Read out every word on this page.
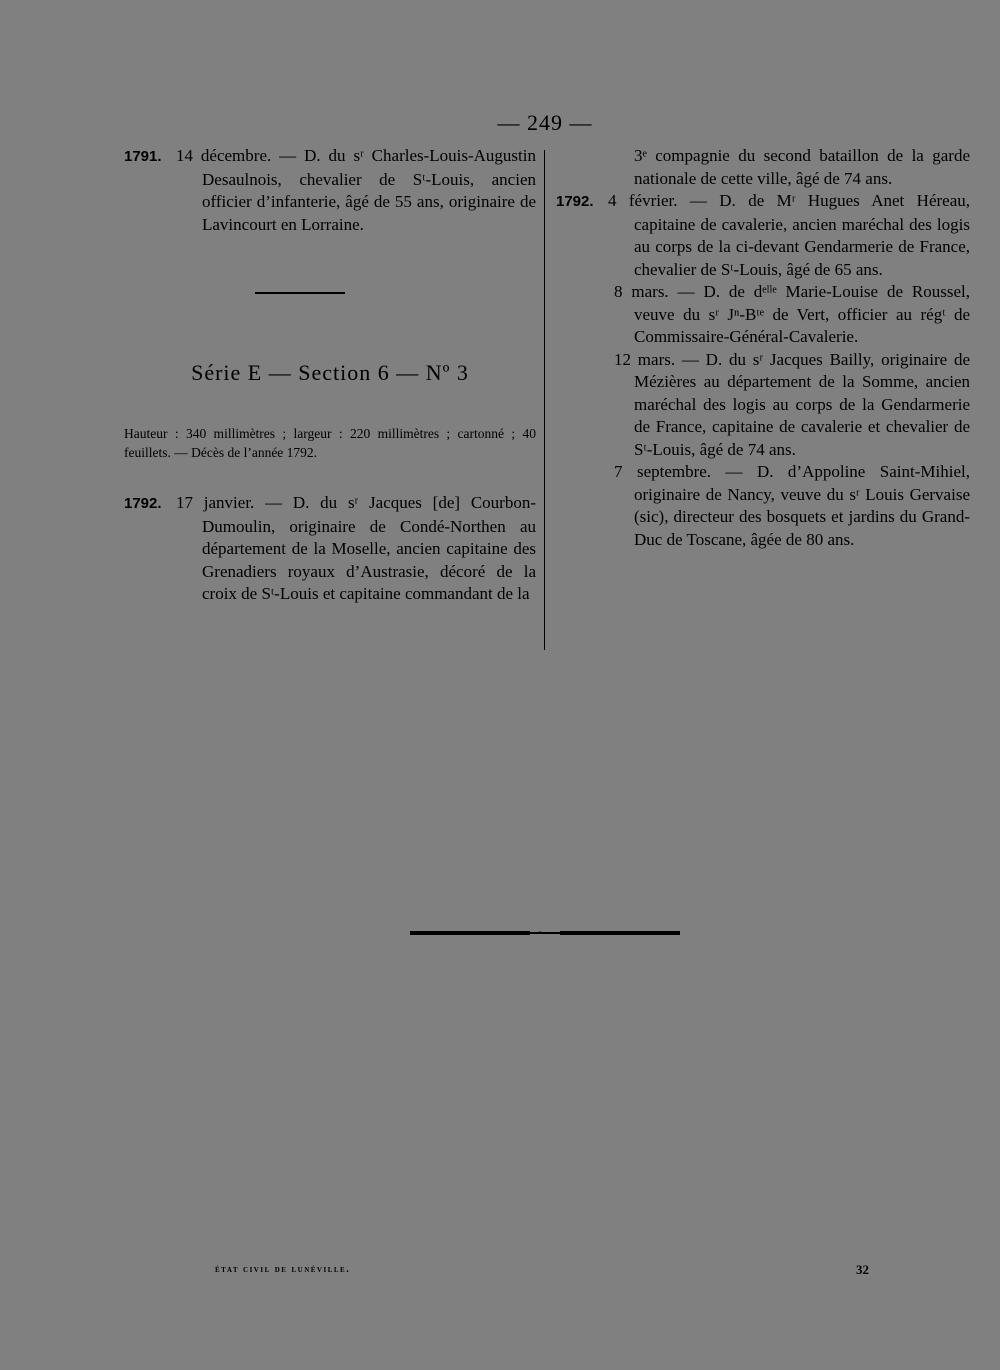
— 249 —

1791. 14 décembre. — D. du sʳ Charles-Louis-Augustin Desaulnois, chevalier de Sᵗ-Louis, ancien officier d’infanterie, âgé de 55 ans, originaire de Lavincourt en Lorraine.

Série E — Section 6 — Nº 3
Hauteur : 340 millimètres ; largeur : 220 millimètres ; cartonné ; 40 feuillets. — Décès de l’année 1792.

1792. 17 janvier. — D. du sʳ Jacques [de] Courbon-Dumoulin, originaire de Condé-Northen au département de la Moselle, ancien capitaine des Grenadiers royaux d’Austrasie, décoré de la croix de Sᵗ-Louis et capitaine commandant de la

3ᵉ compagnie du second bataillon de la garde nationale de cette ville, âgé de 74 ans.

1792. 4 février. — D. de Mʳ Hugues Anet Héreau, capitaine de cavalerie, ancien maréchal des logis au corps de la ci-devant Gendarmerie de France, chevalier de Sᵗ-Louis, âgé de 65 ans.

8 mars. — D. de dᵉˡˡᵉ Marie-Louise de Roussel, veuve du sʳ Jⁿ-Bᵗᵉ de Vert, officier au régᵗ de Commissaire-Général-Cavalerie.

12 mars. — D. du sʳ Jacques Bailly, originaire de Mézières au département de la Somme, ancien maréchal des logis au corps de la Gendarmerie de France, capitaine de cavalerie et chevalier de Sᵗ-Louis, âgé de 74 ans.

7 septembre. — D. d’Appoline Saint-Mihiel, originaire de Nancy, veuve du sʳ Louis Gervaise (sic), directeur des bosquets et jardins du Grand-Duc de Toscane, âgée de 80 ans.

◦
état civil de lunéville.	32
